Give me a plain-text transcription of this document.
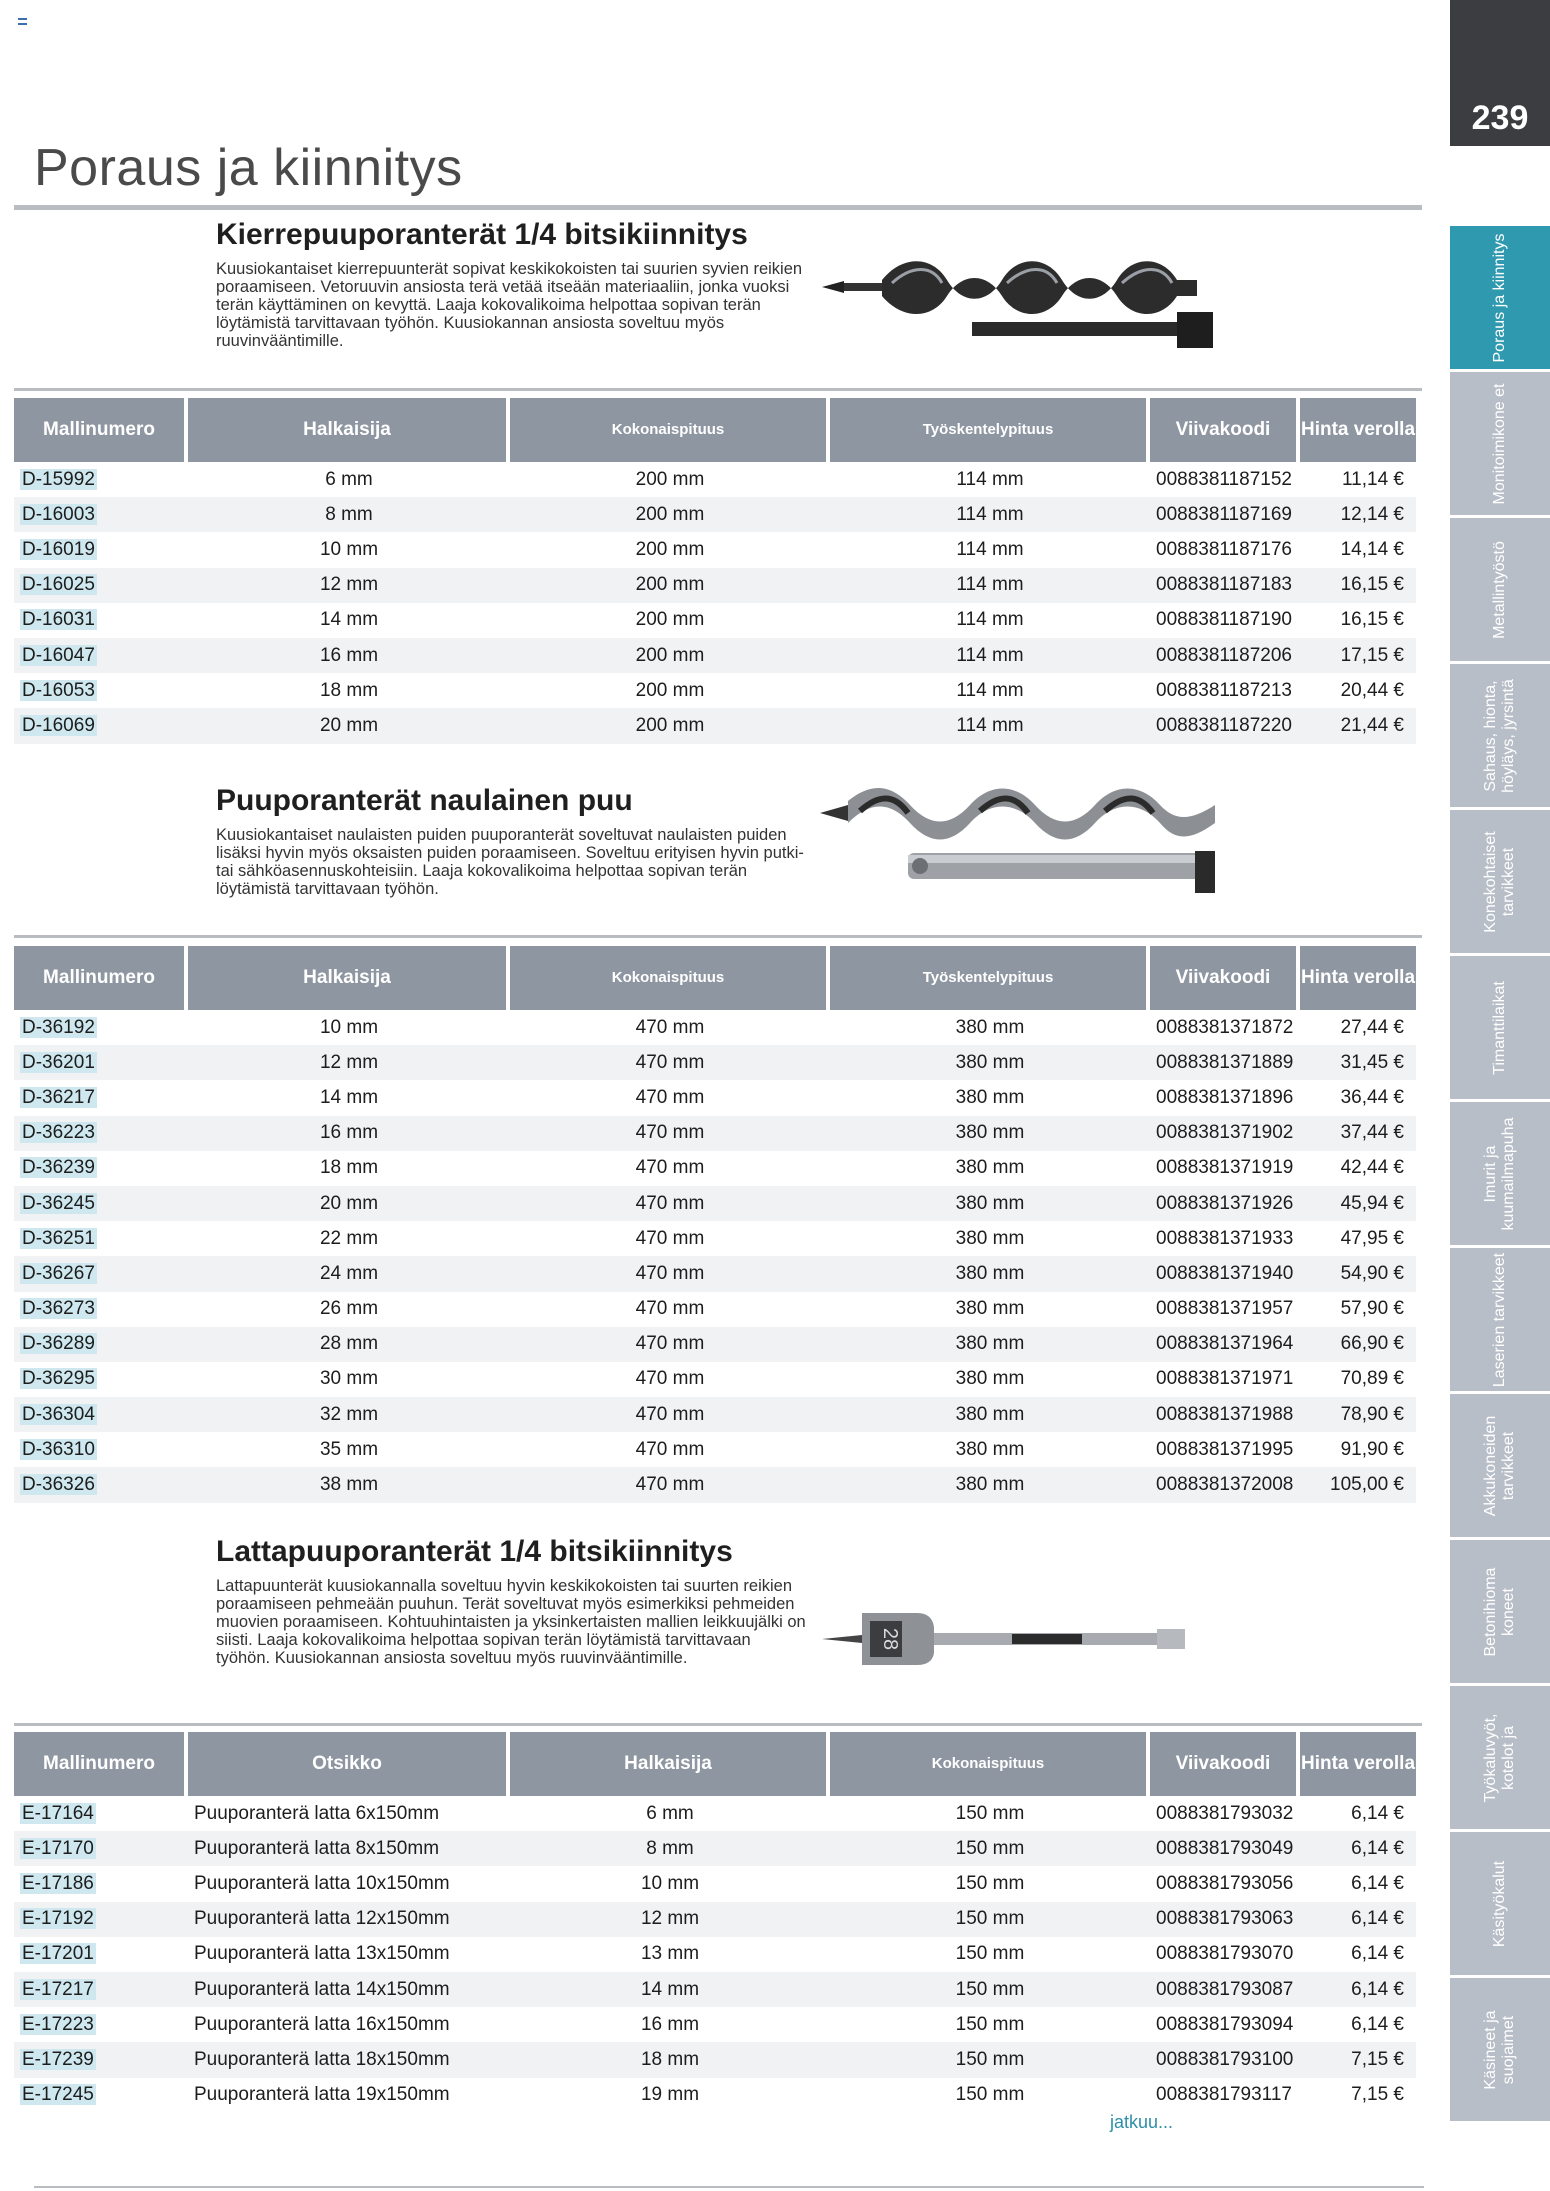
239
Poraus ja kiinnitys
Monitoimikone et
Metallintyöstö
Sahaus, hionta, höyläys, jyrsintä
Konekohtaiset tarvikkeet
Timanttilaikat
Imurit ja kuumailmapuha
Laserien tarvikkeet
Akkukoneiden tarvikkeet
Betonihioma koneet
Työkaluvyöt, kotelot ja
Käsityökalut
Käsineet ja suojaimet
Poraus ja kiinnitys
Kierrepuuporanterät 1/4 bitsikiinnitys

Kuusiokantaiset kierrepuunterät sopivat keskikokoisten tai suurien syvien reikien poraamiseen. Vetoruuvin ansiosta terä vetää itseään materiaaliin, jonka vuoksi terän käyttäminen on kevyttä. Laaja kokovalikoima helpottaa sopivan terän löytämistä tarvittavaan työhön. Kuusiokannan ansiosta soveltuu myös ruuvinvääntimille.

Mallinumero	Halkaisija	Kokonaispituus	Työskentelypituus	Viivakoodi	Hinta verolla
D-15992	6 mm	200 mm	114 mm	0088381187152	11,14 €
D-16003	8 mm	200 mm	114 mm	0088381187169	12,14 €
D-16019	10 mm	200 mm	114 mm	0088381187176	14,14 €
D-16025	12 mm	200 mm	114 mm	0088381187183	16,15 €
D-16031	14 mm	200 mm	114 mm	0088381187190	16,15 €
D-16047	16 mm	200 mm	114 mm	0088381187206	17,15 €
D-16053	18 mm	200 mm	114 mm	0088381187213	20,44 €
D-16069	20 mm	200 mm	114 mm	0088381187220	21,44 €
Puuporanterät naulainen puu

Kuusiokantaiset naulaisten puiden puuporanterät soveltuvat naulaisten puiden lisäksi hyvin myös oksaisten puiden poraamiseen. Soveltuu erityisen hyvin putki- tai sähköasennuskohteisiin. Laaja kokovalikoima helpottaa sopivan terän löytämistä tarvittavaan työhön.

Mallinumero	Halkaisija	Kokonaispituus	Työskentelypituus	Viivakoodi	Hinta verolla
D-36192	10 mm	470 mm	380 mm	0088381371872	27,44 €
D-36201	12 mm	470 mm	380 mm	0088381371889	31,45 €
D-36217	14 mm	470 mm	380 mm	0088381371896	36,44 €
D-36223	16 mm	470 mm	380 mm	0088381371902	37,44 €
D-36239	18 mm	470 mm	380 mm	0088381371919	42,44 €
D-36245	20 mm	470 mm	380 mm	0088381371926	45,94 €
D-36251	22 mm	470 mm	380 mm	0088381371933	47,95 €
D-36267	24 mm	470 mm	380 mm	0088381371940	54,90 €
D-36273	26 mm	470 mm	380 mm	0088381371957	57,90 €
D-36289	28 mm	470 mm	380 mm	0088381371964	66,90 €
D-36295	30 mm	470 mm	380 mm	0088381371971	70,89 €
D-36304	32 mm	470 mm	380 mm	0088381371988	78,90 €
D-36310	35 mm	470 mm	380 mm	0088381371995	91,90 €
D-36326	38 mm	470 mm	380 mm	0088381372008	105,00 €
Lattapuuporanterät 1/4 bitsikiinnitys

Lattapuunterät kuusiokannalla soveltuu hyvin keskikokoisten tai suurten reikien poraamiseen pehmeään puuhun. Terät soveltuvat myös esimerkiksi pehmeiden muovien poraamiseen. Kohtuuhintaisten ja yksinkertaisten mallien leikkuujälki on siisti. Laaja kokovalikoima helpottaa sopivan terän löytämistä tarvittavaan työhön. Kuusiokannan ansiosta soveltuu myös ruuvinvääntimille.

28
Mallinumero	Otsikko	Halkaisija	Kokonaispituus	Viivakoodi	Hinta verolla
E-17164	Puuporanterä latta 6x150mm	6 mm	150 mm	0088381793032	6,14 €
E-17170	Puuporanterä latta 8x150mm	8 mm	150 mm	0088381793049	6,14 €
E-17186	Puuporanterä latta 10x150mm	10 mm	150 mm	0088381793056	6,14 €
E-17192	Puuporanterä latta 12x150mm	12 mm	150 mm	0088381793063	6,14 €
E-17201	Puuporanterä latta 13x150mm	13 mm	150 mm	0088381793070	6,14 €
E-17217	Puuporanterä latta 14x150mm	14 mm	150 mm	0088381793087	6,14 €
E-17223	Puuporanterä latta 16x150mm	16 mm	150 mm	0088381793094	6,14 €
E-17239	Puuporanterä latta 18x150mm	18 mm	150 mm	0088381793100	7,15 €
E-17245	Puuporanterä latta 19x150mm	19 mm	150 mm	0088381793117	7,15 €
jatkuu...
